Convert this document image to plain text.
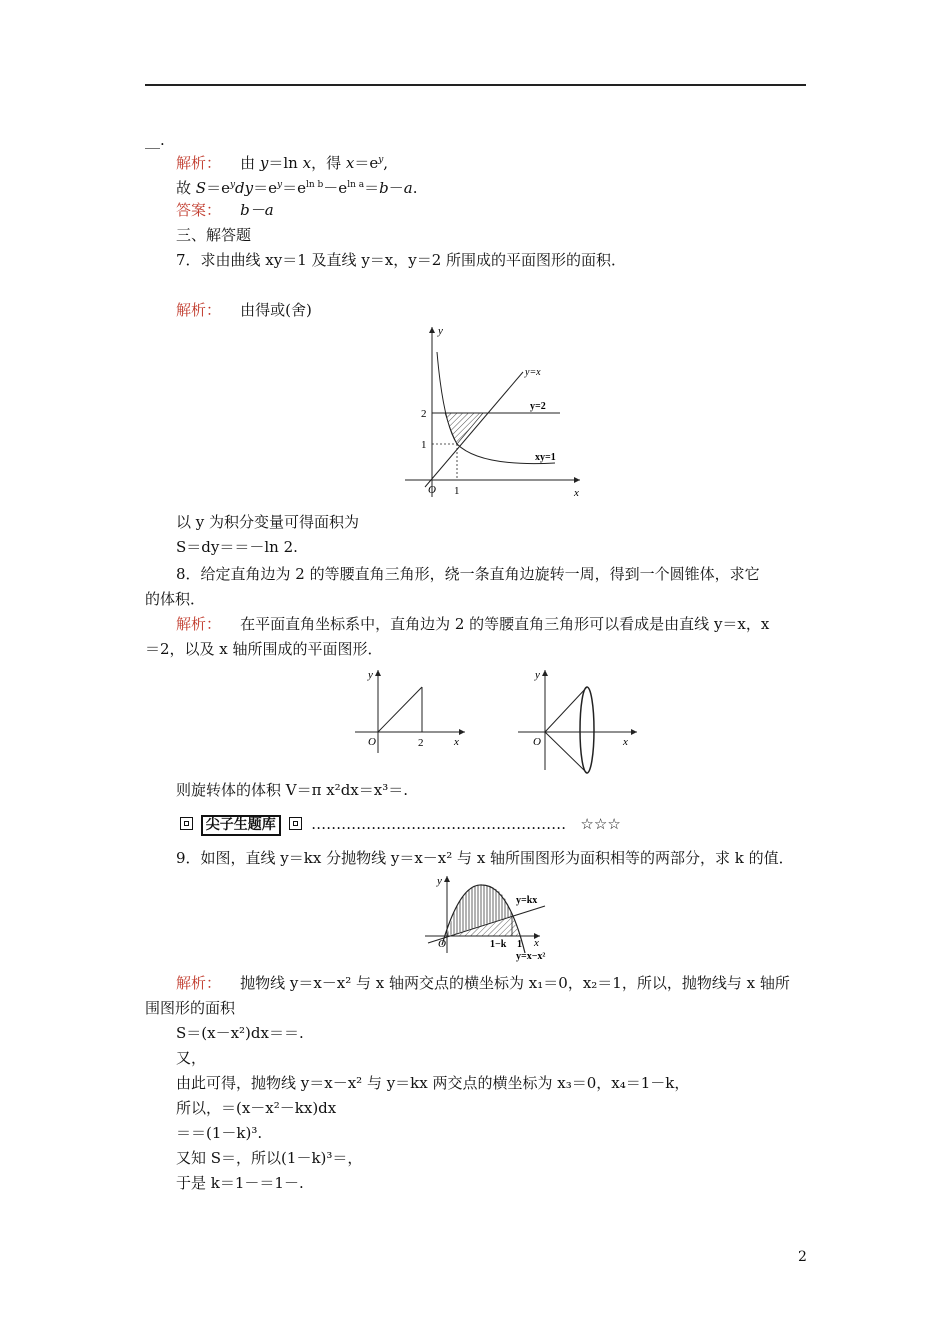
__.
解析： 由 y＝ln x，得 $x=e^y$,
故 $S=e^ydy=e^y=e^{ln b}-e^{ln a}=b-a$.
答案： b－a
三、解答题
7．求由曲线 xy＝1 及直线 y＝x，y＝2 所围成的平面图形的面积．
解析： 由得或(舍)
y
x
O 1
1
2
y=x
y=2
xy=1
以 y 为积分变量可得面积为
S＝dy＝＝－ln 2.
8．给定直角边为 2 的等腰直角三角形，绕一条直角边旋转一周，得到一个圆锥体，求它
的体积．
解析： 在平面直角坐标系中，直角边为 2 的等腰直角三角形可以看成是由直线 y＝x，x
＝2，以及 x 轴所围成的平面图形．
y
x
O	2
y
x
O
则旋转体的体积 V＝π x²dx＝x³＝.
尖子生题库 …………………………………………… ☆☆☆
9．如图，直线 y＝kx 分抛物线 y＝x－x² 与 x 轴所围图形为面积相等的两部分，求 k 的值．
y
x
O	1−k 1
y=kx
y=x−x²
解析： 抛物线 y＝x－x² 与 x 轴两交点的横坐标为 x₁＝0，x₂＝1，所以，抛物线与 x 轴所
围图形的面积
S＝(x－x²)dx＝＝.
又，
由此可得，抛物线 y＝x－x² 与 y＝kx 两交点的横坐标为 x₃＝0，x₄＝1－k，
所以，＝(x－x²－kx)dx
＝＝(1－k)³.
又知 S＝，所以(1－k)³＝，
于是 k＝1－＝1－.
2
